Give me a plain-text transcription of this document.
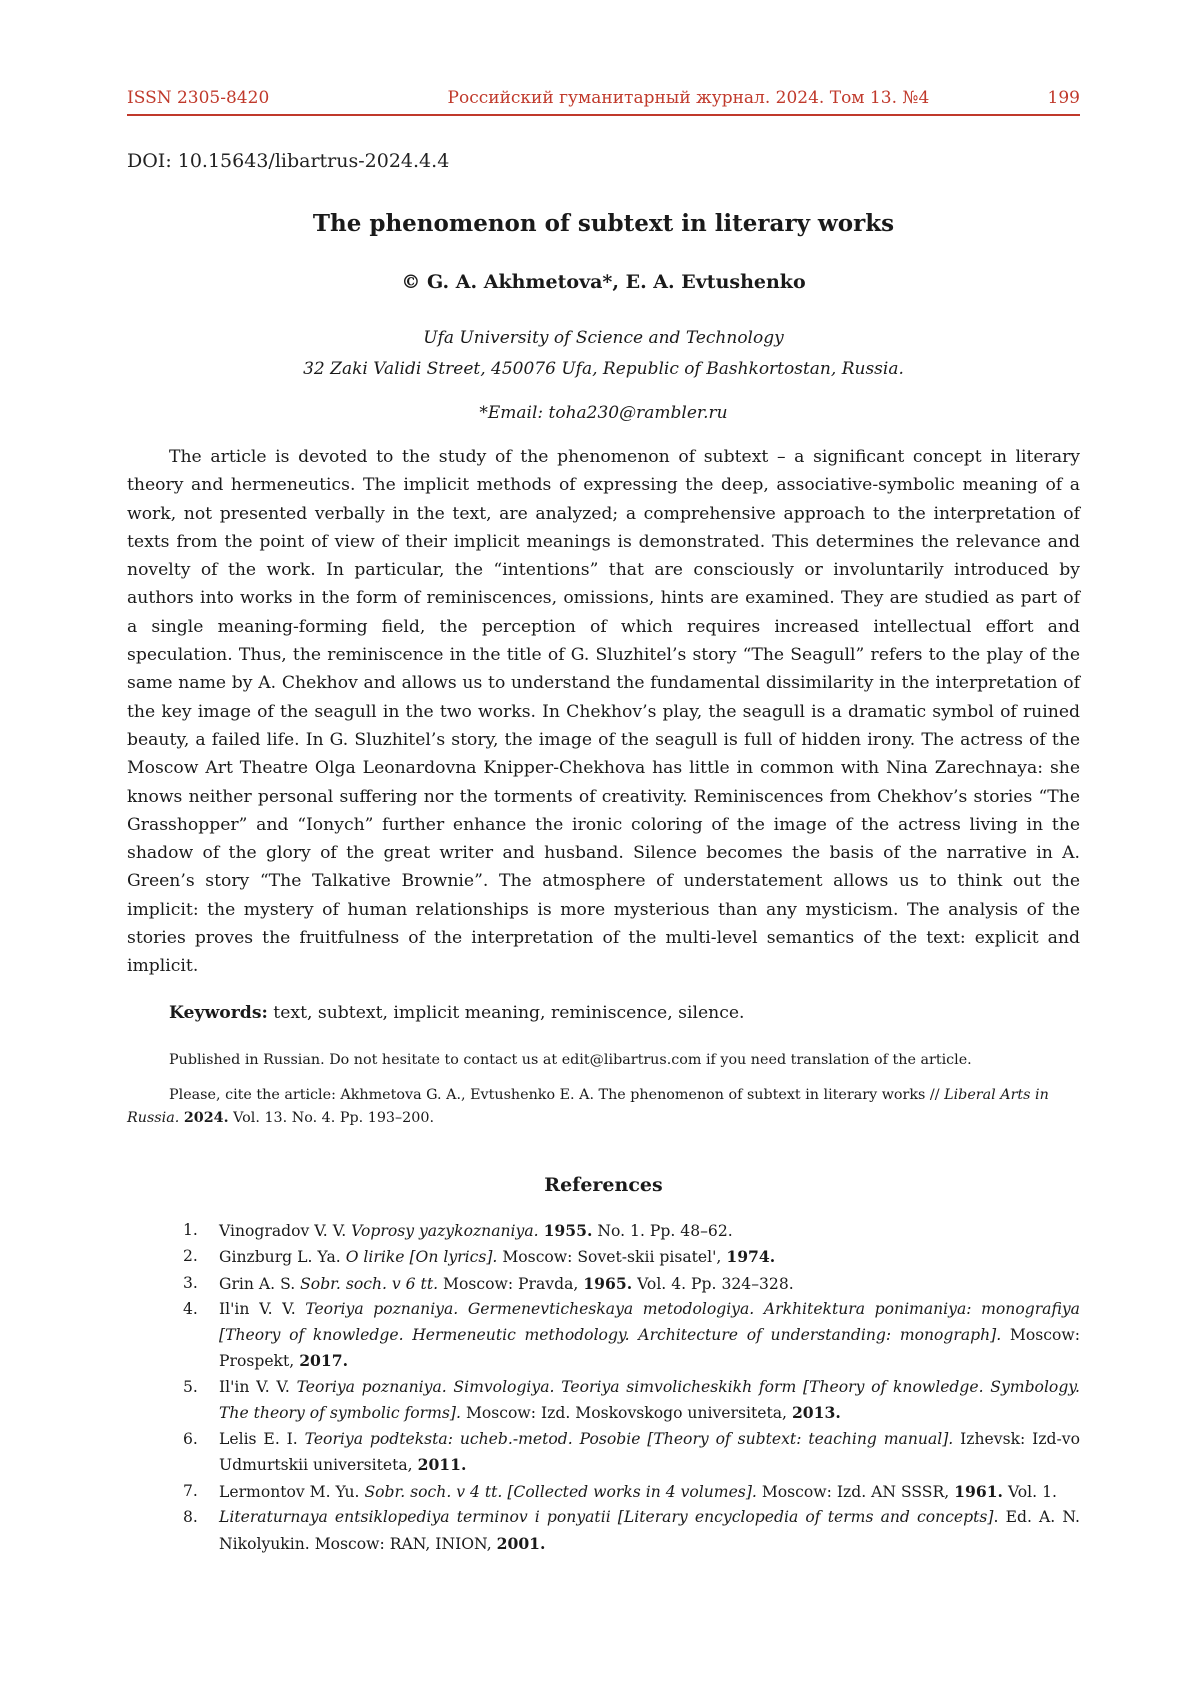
ISSN 2305-8420	Российский гуманитарный журнал. 2024. Том 13. №4	199
DOI: 10.15643/libartrus-2024.4.4
The phenomenon of subtext in literary works
© G. A. Akhmetova*, E. A. Evtushenko
Ufa University of Science and Technology
32 Zaki Validi Street, 450076 Ufa, Republic of Bashkortostan, Russia.
*Email: toha230@rambler.ru

The article is devoted to the study of the phenomenon of subtext – a significant concept in literary theory and hermeneutics. The implicit methods of expressing the deep, associative-symbolic meaning of a work, not presented verbally in the text, are analyzed; a comprehensive approach to the interpretation of texts from the point of view of their implicit meanings is demonstrated. This determines the relevance and novelty of the work. In particular, the “intentions” that are consciously or involuntarily introduced by authors into works in the form of reminiscences, omissions, hints are examined. They are studied as part of a single meaning-forming field, the perception of which requires increased intellectual effort and speculation. Thus, the reminiscence in the title of G. Sluzhitel’s story “The Seagull” refers to the play of the same name by A. Chekhov and allows us to understand the fundamental dissimilarity in the interpretation of the key image of the seagull in the two works. In Chekhov’s play, the seagull is a dramatic symbol of ruined beauty, a failed life. In G. Sluzhitel’s story, the image of the seagull is full of hidden irony. The actress of the Moscow Art Theatre Olga Leonardovna Knipper-Chekhova has little in common with Nina Zarechnaya: she knows neither personal suffering nor the torments of creativity. Reminiscences from Chekhov’s stories “The Grasshopper” and “Ionych” further enhance the ironic coloring of the image of the actress living in the shadow of the glory of the great writer and husband. Silence becomes the basis of the narrative in A. Green’s story “The Talkative Brownie”. The atmosphere of understatement allows us to think out the implicit: the mystery of human relationships is more mysterious than any mysticism. The analysis of the stories proves the fruitfulness of the interpretation of the multi-level semantics of the text: explicit and implicit.

Keywords: text, subtext, implicit meaning, reminiscence, silence.
Published in Russian. Do not hesitate to contact us at edit@libartrus.com if you need translation of the article.
Please, cite the article: Akhmetova G. A., Evtushenko E. A. The phenomenon of subtext in literary works // Liberal Arts in Russia. 2024. Vol. 13. No. 4. Pp. 193–200.
References
1.	Vinogradov V. V. Voprosy yazykoznaniya. 1955. No. 1. Pp. 48–62.
2.	Ginzburg L. Ya. O lirike [On lyrics]. Moscow: Sovet-skii pisatel', 1974.
3.	Grin A. S. Sobr. soch. v 6 tt. Moscow: Pravda, 1965. Vol. 4. Pp. 324–328.
4.	Il'in V. V. Teoriya poznaniya. Germenevticheskaya metodologiya. Arkhitektura ponimaniya: monografiya [Theory of knowledge. Hermeneutic methodology. Architecture of understanding: monograph]. Moscow: Prospekt, 2017.
5.	Il'in V. V. Teoriya poznaniya. Simvologiya. Teoriya simvolicheskikh form [Theory of knowledge. Symbology. The theory of symbolic forms]. Moscow: Izd. Moskovskogo universiteta, 2013.
6.	Lelis E. I. Teoriya podteksta: ucheb.-metod. Posobie [Theory of subtext: teaching manual]. Izhevsk: Izd-vo Udmurtskii universiteta, 2011.
7.	Lermontov M. Yu. Sobr. soch. v 4 tt. [Collected works in 4 volumes]. Moscow: Izd. AN SSSR, 1961. Vol. 1.
8.	Literaturnaya entsiklopediya terminov i ponyatii [Literary encyclopedia of terms and concepts]. Ed. A. N. Nikolyukin. Moscow: RAN, INION, 2001.
